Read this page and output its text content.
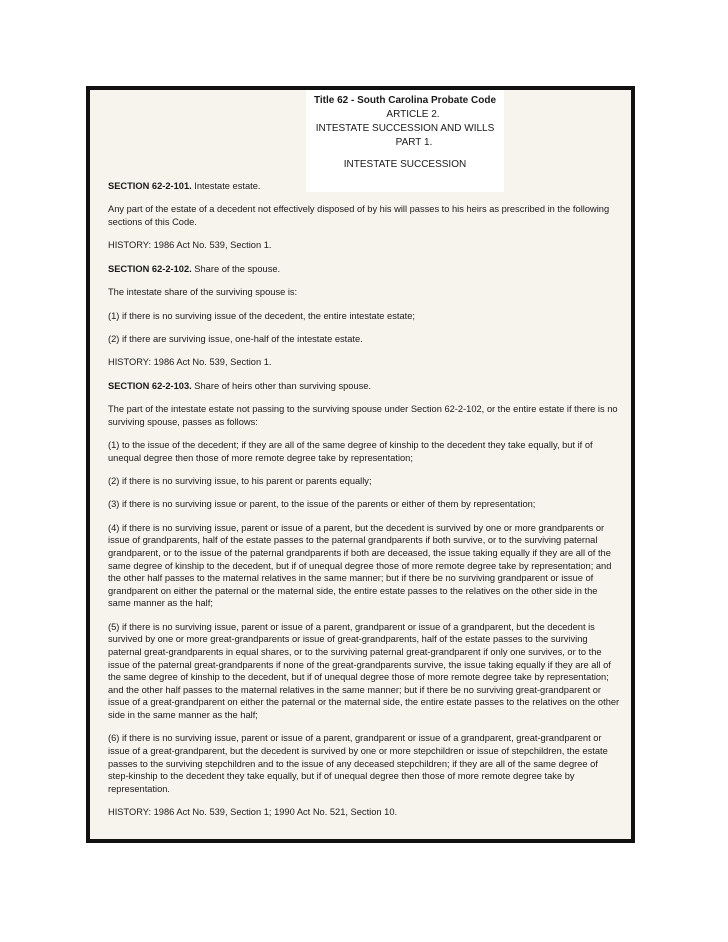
Title 62 - South Carolina Probate Code
ARTICLE 2.
INTESTATE SUCCESSION AND WILLS
PART 1.
INTESTATE SUCCESSION

SECTION 62-2-101. Intestate estate.

Any part of the estate of a decedent not effectively disposed of by his will passes to his heirs as prescribed in the following sections of this Code.

HISTORY: 1986 Act No. 539, Section 1.

SECTION 62-2-102. Share of the spouse.

The intestate share of the surviving spouse is:

(1) if there is no surviving issue of the decedent, the entire intestate estate;

(2) if there are surviving issue, one-half of the intestate estate.

HISTORY: 1986 Act No. 539, Section 1.

SECTION 62-2-103. Share of heirs other than surviving spouse.

The part of the intestate estate not passing to the surviving spouse under Section 62-2-102, or the entire estate if there is no surviving spouse, passes as follows:

(1) to the issue of the decedent; if they are all of the same degree of kinship to the decedent they take equally, but if of unequal degree then those of more remote degree take by representation;

(2) if there is no surviving issue, to his parent or parents equally;

(3) if there is no surviving issue or parent, to the issue of the parents or either of them by representation;

(4) if there is no surviving issue, parent or issue of a parent, but the decedent is survived by one or more grandparents or issue of grandparents, half of the estate passes to the paternal grandparents if both survive, or to the surviving paternal grandparent, or to the issue of the paternal grandparents if both are deceased, the issue taking equally if they are all of the same degree of kinship to the decedent, but if of unequal degree those of more remote degree take by representation; and the other half passes to the maternal relatives in the same manner; but if there be no surviving grandparent or issue of grandparent on either the paternal or the maternal side, the entire estate passes to the relatives on the other side in the same manner as the half;

(5) if there is no surviving issue, parent or issue of a parent, grandparent or issue of a grandparent, but the decedent is survived by one or more great-grandparents or issue of great-grandparents, half of the estate passes to the surviving paternal great-grandparents in equal shares, or to the surviving paternal great-grandparent if only one survives, or to the issue of the paternal great-grandparents if none of the great-grandparents survive, the issue taking equally if they are all of the same degree of kinship to the decedent, but if of unequal degree those of more remote degree take by representation; and the other half passes to the maternal relatives in the same manner; but if there be no surviving great-grandparent or issue of a great-grandparent on either the paternal or the maternal side, the entire estate passes to the relatives on the other side in the same manner as the half;

(6) if there is no surviving issue, parent or issue of a parent, grandparent or issue of a grandparent, great-grandparent or issue of a great-grandparent, but the decedent is survived by one or more stepchildren or issue of stepchildren, the estate passes to the surviving stepchildren and to the issue of any deceased stepchildren; if they are all of the same degree of step-kinship to the decedent they take equally, but if of unequal degree then those of more remote degree take by representation.

HISTORY: 1986 Act No. 539, Section 1; 1990 Act No. 521, Section 10.
